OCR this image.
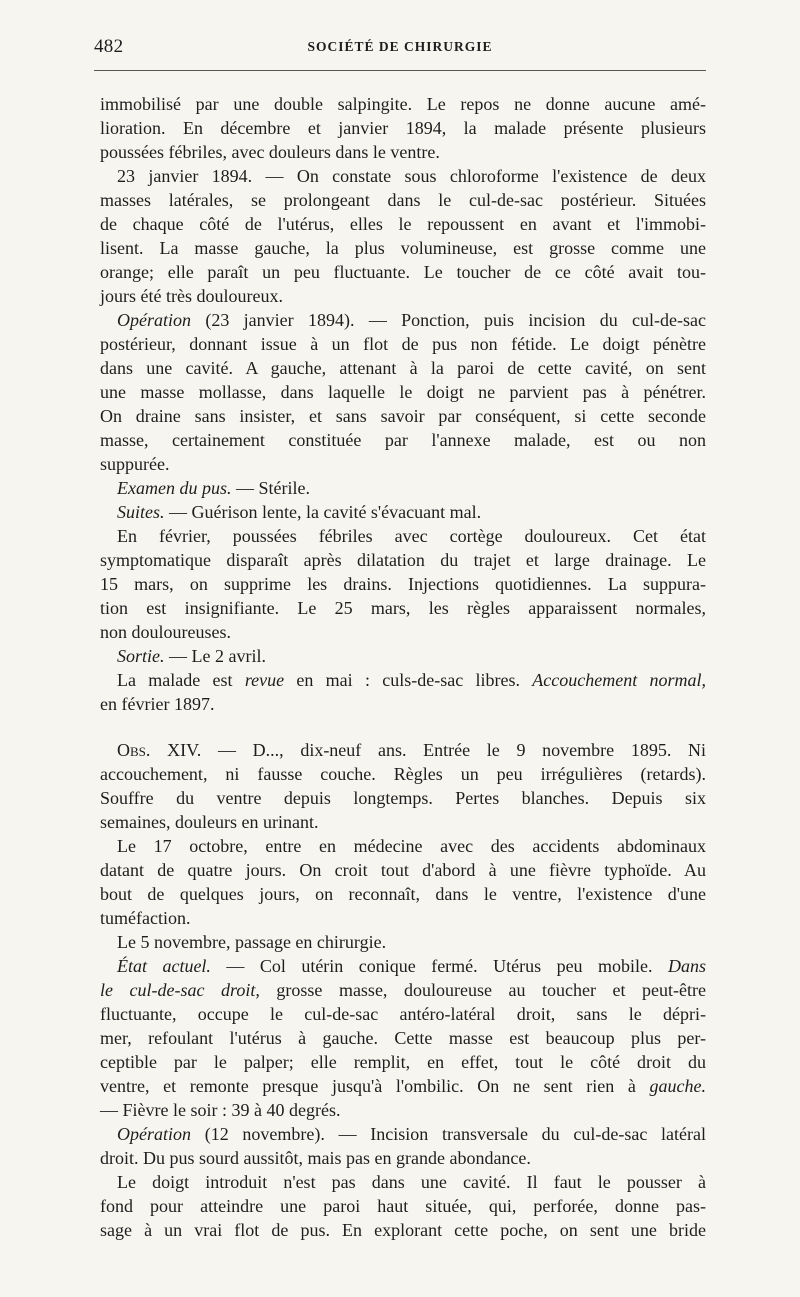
482	SOCIÉTÉ DE CHIRURGIE
immobilisé par une double salpingite. Le repos ne donne aucune amé-
lioration. En décembre et janvier 1894, la malade présente plusieurs
poussées fébriles, avec douleurs dans le ventre.
23 janvier 1894. — On constate sous chloroforme l'existence de deux
masses latérales, se prolongeant dans le cul-de-sac postérieur. Situées
de chaque côté de l'utérus, elles le repoussent en avant et l'immobi-
lisent. La masse gauche, la plus volumineuse, est grosse comme une
orange; elle paraît un peu fluctuante. Le toucher de ce côté avait tou-
jours été très douloureux.
Opération (23 janvier 1894). — Ponction, puis incision du cul-de-sac
postérieur, donnant issue à un flot de pus non fétide. Le doigt pénètre
dans une cavité. A gauche, attenant à la paroi de cette cavité, on sent
une masse mollasse, dans laquelle le doigt ne parvient pas à pénétrer.
On draine sans insister, et sans savoir par conséquent, si cette seconde
masse, certainement constituée par l'annexe malade, est ou non
suppurée.
Examen du pus. — Stérile.
Suites. — Guérison lente, la cavité s'évacuant mal.
En février, poussées fébriles avec cortège douloureux. Cet état
symptomatique disparaît après dilatation du trajet et large drainage. Le
15 mars, on supprime les drains. Injections quotidiennes. La suppura-
tion est insignifiante. Le 25 mars, les règles apparaissent normales,
non douloureuses.
Sortie. — Le 2 avril.
La malade est revue en mai : culs-de-sac libres. Accouchement normal,
en février 1897.
Obs. XIV. — D..., dix-neuf ans. Entrée le 9 novembre 1895. Ni
accouchement, ni fausse couche. Règles un peu irrégulières (retards).
Souffre du ventre depuis longtemps. Pertes blanches. Depuis six
semaines, douleurs en urinant.
Le 17 octobre, entre en médecine avec des accidents abdominaux
datant de quatre jours. On croit tout d'abord à une fièvre typhoïde. Au
bout de quelques jours, on reconnaît, dans le ventre, l'existence d'une
tuméfaction.
Le 5 novembre, passage en chirurgie.
État actuel. — Col utérin conique fermé. Utérus peu mobile. Dans
le cul-de-sac droit, grosse masse, douloureuse au toucher et peut-être
fluctuante, occupe le cul-de-sac antéro-latéral droit, sans le dépri-
mer, refoulant l'utérus à gauche. Cette masse est beaucoup plus per-
ceptible par le palper; elle remplit, en effet, tout le côté droit du
ventre, et remonte presque jusqu'à l'ombilic. On ne sent rien à gauche.
— Fièvre le soir : 39 à 40 degrés.
Opération (12 novembre). — Incision transversale du cul-de-sac latéral
droit. Du pus sourd aussitôt, mais pas en grande abondance.
Le doigt introduit n'est pas dans une cavité. Il faut le pousser à
fond pour atteindre une paroi haut située, qui, perforée, donne pas-
sage à un vrai flot de pus. En explorant cette poche, on sent une bride
